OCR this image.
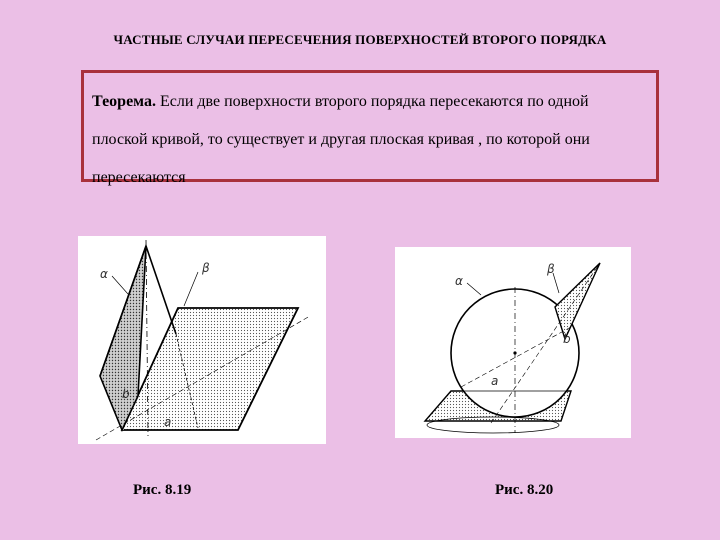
ЧАСТНЫЕ СЛУЧАИ ПЕРЕСЕЧЕНИЯ ПОВЕРХНОСТЕЙ ВТОРОГО ПОРЯДКА
Теорема. Если две поверхности второго порядка пересекаются по одной плоской кривой, то существует и другая плоская кривая , по которой они пересекаются
α	β
b
a
α
β
b
a
Рис. 8.19	Рис. 8.20
